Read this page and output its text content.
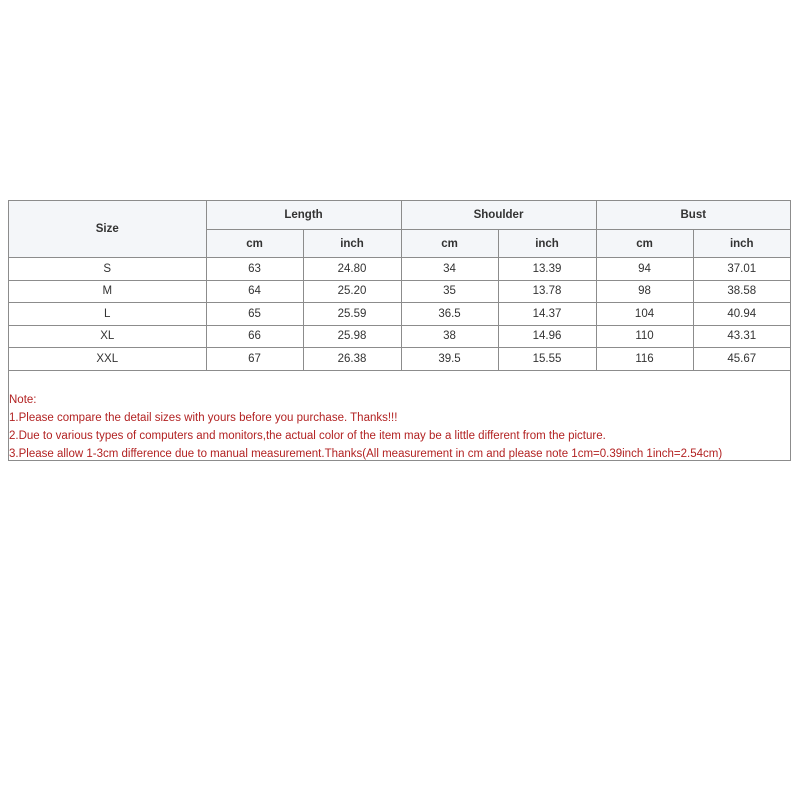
Size	Length		Shoulder		Bust	
	cm	inch	cm	inch	cm	inch
S	63	24.80	34	13.39	94	37.01
M	64	25.20	35	13.78	98	38.58
L	65	25.59	36.5	14.37	104	40.94
XL	66	25.98	38	14.96	110	43.31
XXL	67	26.38	39.5	15.55	116	45.67
Note:
1.Please compare the detail sizes with yours before you purchase. Thanks!!!
2.Due to various types of computers and monitors,the actual color of the item may be a little different from the picture.
3.Please allow 1-3cm difference due to manual measurement.Thanks(All measurement in cm and please note 1cm=0.39inch 1inch=2.54cm)
